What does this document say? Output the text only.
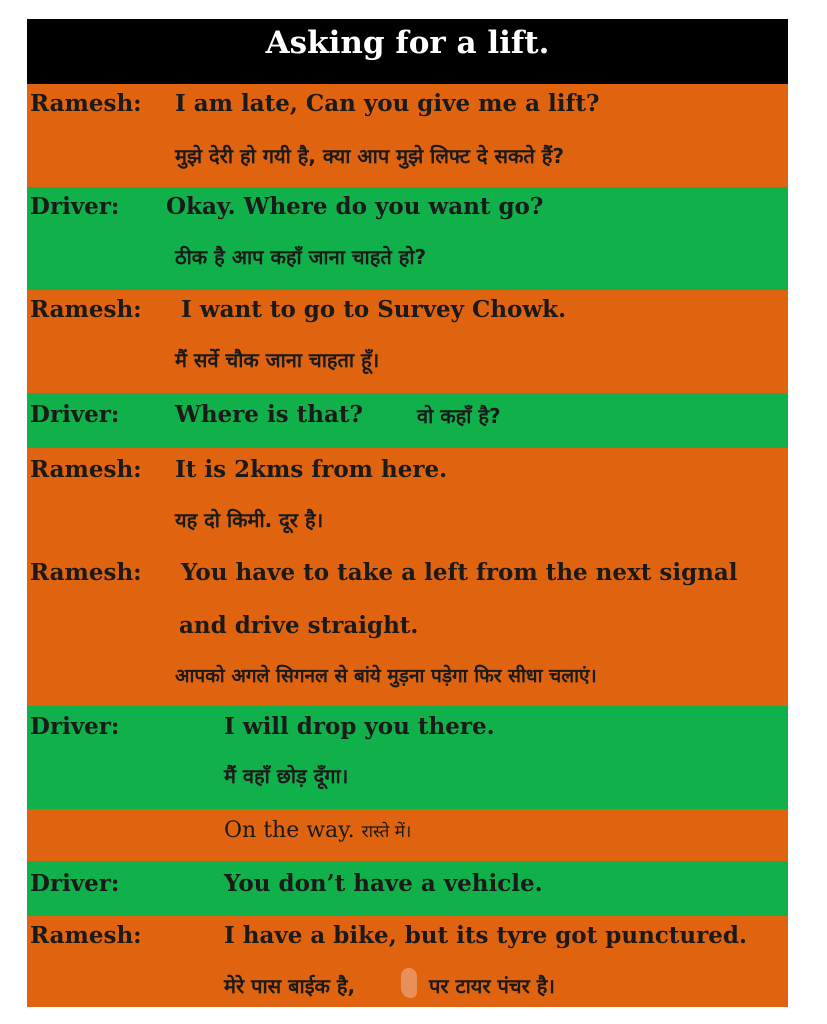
Asking for a lift.
Ramesh: I am late, Can you give me a lift?
मुझे देरी हो गयी है, क्या आप मुझे लिफ्ट दे सकते हैं?
Driver: Okay. Where do you want go?
ठीक है आप कहाँ जाना चाहते हो?
Ramesh: I want to go to Survey Chowk.
मैं सर्वे चौक जाना चाहता हूँ।
Driver: Where is that?	वो कहाँ है?
Ramesh: It is 2kms from here.
यह दो किमी. दूर है।
Ramesh: You have to take a left from the next signal
and drive straight.
आपको अगले सिगनल से बांये मुड़ना पड़ेगा फिर सीधा चलाएं।
Driver:	I will drop you there.
मैं वहाँ छोड़ दूँगा।
On the way. रास्ते में।
Driver:	You don’t have a vehicle.
Ramesh:	I have a bike, but its tyre got punctured.
मेरे पास बाईक है,	पर टायर पंचर है।
